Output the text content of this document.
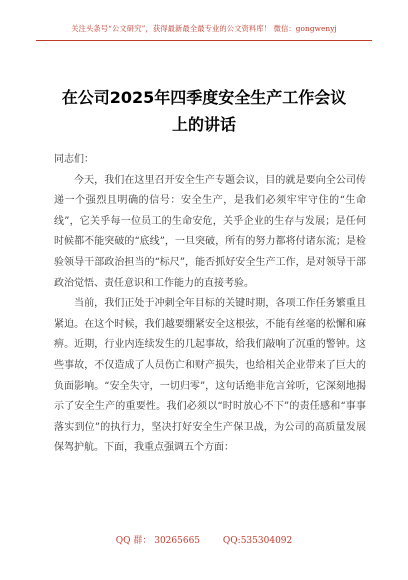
关注头条号“公文研究”，获得最新最全最专业的公文资料库！ 微信：gongwenyj
在公司2025年四季度安全生产工作会议
上的讲话

同志们：

今天，我们在这里召开安全生产专题会议，目的就是要向全公司传递一个强烈且明确的信号：安全生产，是我们必须牢牢守住的“生命线”，它关乎每一位员工的生命安危，关乎企业的生存与发展；是任何时候都不能突破的“底线”，一旦突破，所有的努力都将付诸东流；是检验领导干部政治担当的“标尺”，能否抓好安全生产工作，是对领导干部政治觉悟、责任意识和工作能力的直接考验。

当前，我们正处于冲刺全年目标的关键时期，各项工作任务繁重且紧迫。在这个时候，我们越要绷紧安全这根弦，不能有丝毫的松懈和麻痹。近期，行业内连续发生的几起事故，给我们敲响了沉重的警钟。这些事故，不仅造成了人员伤亡和财产损失，也给相关企业带来了巨大的负面影响。“安全失守，一切归零”，这句话绝非危言耸听，它深刻地揭示了安全生产的重要性。我们必须以“时时放心不下”的责任感和“事事落实到位”的执行力，坚决打好安全生产保卫战，为公司的高质量发展保驾护航。下面，我重点强调五个方面：

QQ 群： 30265665	QQ:535304092
